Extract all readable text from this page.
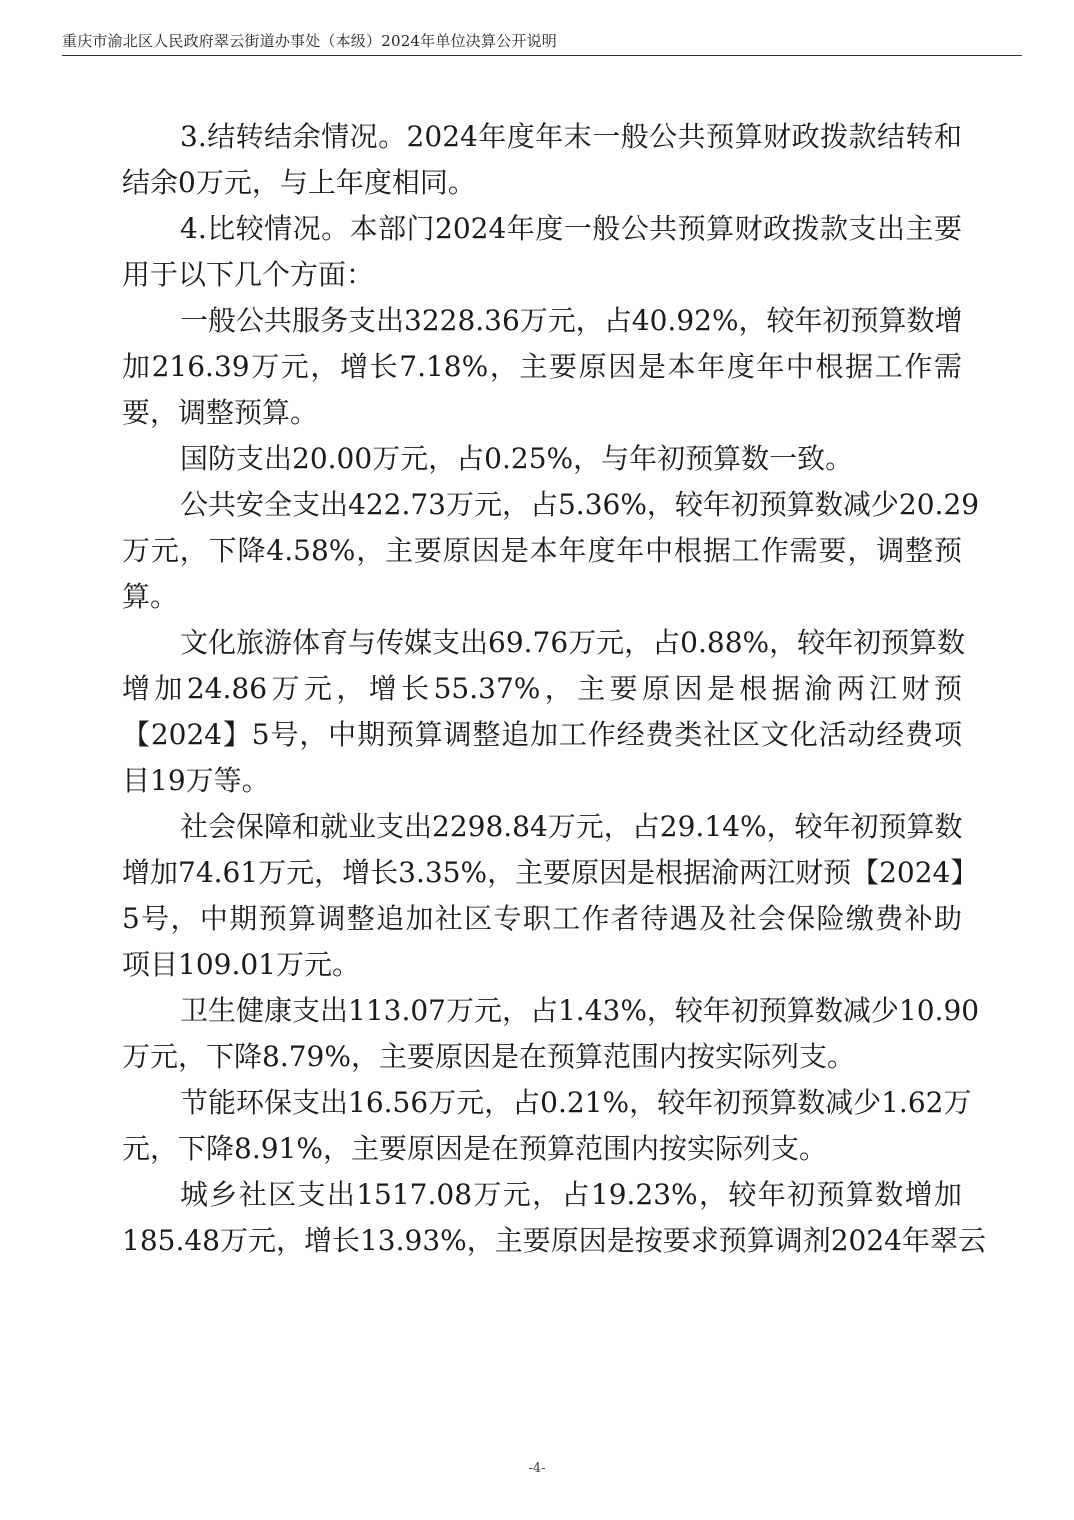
重庆市渝北区人民政府翠云街道办事处（本级）2024年单位决算公开说明
3.结转结余情况。2024年度年末一般公共预算财政拨款结转和
结余0万元，与上年度相同。
4.比较情况。本部门2024年度一般公共预算财政拨款支出主要
用于以下几个方面：
一般公共服务支出3228.36万元，占40.92%，较年初预算数增
加216.39万元，增长7.18%，主要原因是本年度年中根据工作需
要，调整预算。
国防支出20.00万元，占0.25%，与年初预算数一致。
公共安全支出422.73万元，占5.36%，较年初预算数减少20.29
万元，下降4.58%，主要原因是本年度年中根据工作需要，调整预
算。
文化旅游体育与传媒支出69.76万元，占0.88%，较年初预算数
增加24.86万元，增长55.37%，主要原因是根据渝两江财预
【2024】5号，中期预算调整追加工作经费类社区文化活动经费项
目19万等。
社会保障和就业支出2298.84万元，占29.14%，较年初预算数
增加74.61万元，增长3.35%，主要原因是根据渝两江财预【2024】
5号，中期预算调整追加社区专职工作者待遇及社会保险缴费补助
项目109.01万元。
卫生健康支出113.07万元，占1.43%，较年初预算数减少10.90
万元，下降8.79%，主要原因是在预算范围内按实际列支。
节能环保支出16.56万元，占0.21%，较年初预算数减少1.62万
元，下降8.91%，主要原因是在预算范围内按实际列支。
城乡社区支出1517.08万元，占19.23%，较年初预算数增加
185.48万元，增长13.93%，主要原因是按要求预算调剂2024年翠云
-4-
